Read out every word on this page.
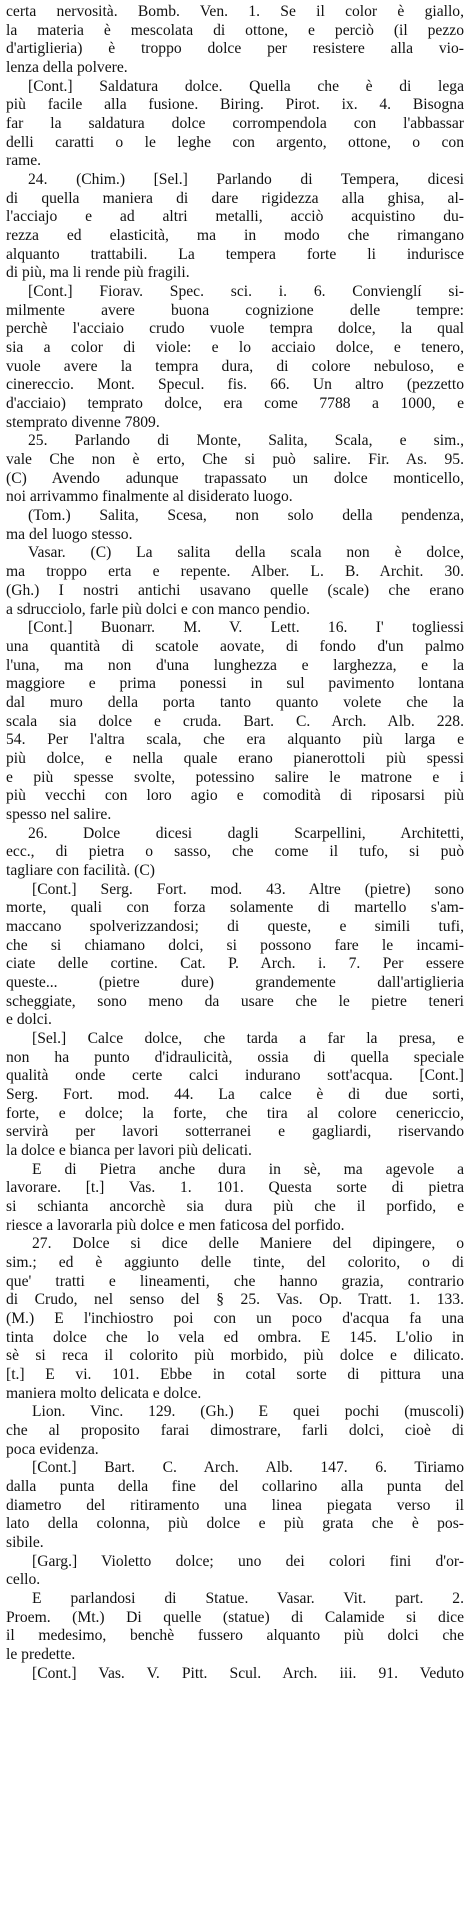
certa nervosità. Bomb. Ven. 1. Se il color è giallo,
la materia è mescolata di ottone, e perciò (il pezzo
d'artiglieria) è troppo dolce per resistere alla vio-
lenza della polvere.
[Cont.] Saldatura dolce. Quella che è di lega
più facile alla fusione. Biring. Pirot. ix. 4. Bisogna
far la saldatura dolce corrompendola con l'abbassar
delli caratti o le leghe con argento, ottone, o con
rame.
24. (Chim.) [Sel.] Parlando di Tempera, dicesi
di quella maniera di dare rigidezza alla ghisa, al-
l'acciajo e ad altri metalli, acciò acquistino du-
rezza ed elasticità, ma in modo che rimangano
alquanto trattabili. La tempera forte li indurisce
di più, ma li rende più fragili.
[Cont.] Fiorav. Spec. sci. i. 6. Convienglí si-
milmente avere buona cognizione delle tempre:
perchè l'acciaio crudo vuole tempra dolce, la qual
sia a color di viole: e lo acciaio dolce, e tenero,
vuole avere la tempra dura, di colore nebuloso, e
cinereccio. Mont. Specul. fis. 66. Un altro (pezzetto
d'acciaio) temprato dolce, era come 7788 a 1000, e
stemprato divenne 7809.
25. Parlando di Monte, Salita, Scala, e sim.,
vale Che non è erto, Che si può salire. Fir. As. 95.
(C) Avendo adunque trapassato un dolce monticello,
noi arrivammo finalmente al disiderato luogo.
(Tom.) Salita, Scesa, non solo della pendenza,
ma del luogo stesso.
Vasar. (C) La salita della scala non è dolce,
ma troppo erta e repente. Alber. L. B. Archit. 30.
(Gh.) I nostri antichi usavano quelle (scale) che erano
a sdrucciolo, farle più dolci e con manco pendio.
[Cont.] Buonarr. M. V. Lett. 16. I' togliessi
una quantità di scatole aovate, di fondo d'un palmo
l'una, ma non d'una lunghezza e larghezza, e la
maggiore e prima ponessi in sul pavimento lontana
dal muro della porta tanto quanto volete che la
scala sia dolce e cruda. Bart. C. Arch. Alb. 228.
54. Per l'altra scala, che era alquanto più larga e
più dolce, e nella quale erano pianerottoli più spessi
e più spesse svolte, potessino salire le matrone e i
più vecchi con loro agio e comodità di riposarsi più
spesso nel salire.
26. Dolce dicesi dagli Scarpellini, Architetti,
ecc., di pietra o sasso, che come il tufo, si può
tagliare con facilità. (C)
[Cont.] Serg. Fort. mod. 43. Altre (pietre) sono
morte, quali con forza solamente di martello s'am-
maccano spolverizzandosi; di queste, e simili tufi,
che si chiamano dolci, si possono fare le incami-
ciate delle cortine. Cat. P. Arch. i. 7. Per essere
queste... (pietre dure) grandemente dall'artiglieria
scheggiate, sono meno da usare che le pietre teneri
e dolci.
[Sel.] Calce dolce, che tarda a far la presa, e
non ha punto d'idraulicità, ossia di quella speciale
qualità onde certe calci indurano sott'acqua. [Cont.]
Serg. Fort. mod. 44. La calce è di due sorti,
forte, e dolce; la forte, che tira al colore cenericcio,
servirà per lavori sotterranei e gagliardi, riservando
la dolce e bianca per lavori più delicati.
E di Pietra anche dura in sè, ma agevole a
lavorare. [t.] Vas. 1. 101. Questa sorte di pietra
si schianta ancorchè sia dura più che il porfido, e
riesce a lavorarla più dolce e men faticosa del porfido.
27. Dolce si dice delle Maniere del dipingere, o
sim.; ed è aggiunto delle tinte, del colorito, o di
que' tratti e lineamenti, che hanno grazia, contrario
di Crudo, nel senso del § 25. Vas. Op. Tratt. 1. 133.
(M.) E l'inchiostro poi con un poco d'acqua fa una
tinta dolce che lo vela ed ombra. E 145. L'olio in
sè si reca il colorito più morbido, più dolce e dilicato.
[t.] E vi. 101. Ebbe in cotal sorte di pittura una
maniera molto delicata e dolce.
Lion. Vinc. 129. (Gh.) E quei pochi (muscoli)
che al proposito farai dimostrare, farli dolci, cioè di
poca evidenza.
[Cont.] Bart. C. Arch. Alb. 147. 6. Tiriamo
dalla punta della fine del collarino alla punta del
diametro del ritiramento una linea piegata verso il
lato della colonna, più dolce e più grata che è pos-
sibile.
[Garg.] Violetto dolce; uno dei colori fini d'or-
cello.
E parlandosi di Statue. Vasar. Vit. part. 2.
Proem. (Mt.) Di quelle (statue) di Calamide si dice
il medesimo, benchè fussero alquanto più dolci che
le predette.
[Cont.] Vas. V. Pitt. Scul. Arch. iii. 91. Veduto
